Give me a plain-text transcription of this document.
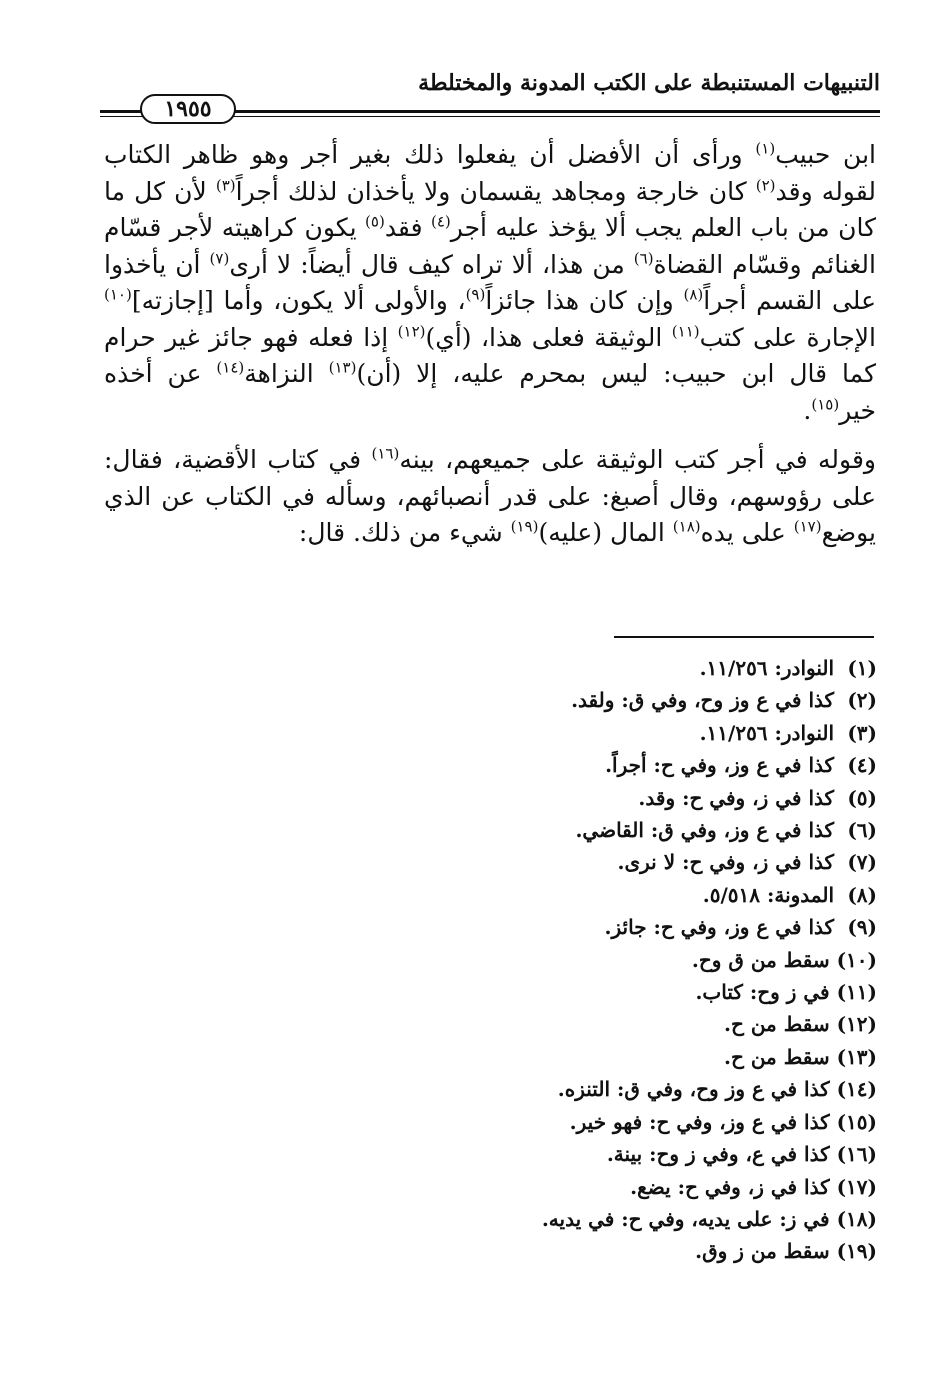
التنبيهات المستنبطة على الكتب المدونة والمختلطة
١٩٥٥

ابن حبيب$^{(١)}$ ورأى أن الأفضل أن يفعلوا ذلك بغير أجر وهو ظاهر الكتاب لقوله وقد$^{(٢)}$ كان خارجة ومجاهد يقسمان ولا يأخذان لذلك أجراً$^{(٣)}$ لأن كل ما كان من باب العلم يجب ألا يؤخذ عليه أجر$^{(٤)}$ فقد$^{(٥)}$ يكون كراهيته لأجر قسّام الغنائم وقسّام القضاة$^{(٦)}$ من هذا، ألا تراه كيف قال أيضاً: لا أرى$^{(٧)}$ أن يأخذوا على القسم أجراً$^{(٨)}$ وإن كان هذا جائزاً$^{(٩)}$، والأولى ألا يكون، وأما [إجازته]$^{(١٠)}$ الإجارة على كتب$^{(١١)}$ الوثيقة فعلى هذا، (أي)$^{(١٢)}$ إذا فعله فهو جائز غير حرام كما قال ابن حبيب: ليس بمحرم عليه، إلا (أن)$^{(١٣)}$ النزاهة$^{(١٤)}$ عن أخذه خير$^{(١٥)}$.

وقوله في أجر كتب الوثيقة على جميعهم، بينه$^{(١٦)}$ في كتاب الأقضية، فقال: على رؤوسهم، وقال أصبغ: على قدر أنصبائهم، وسأله في الكتاب عن الذي يوضع$^{(١٧)}$ على يده$^{(١٨)}$ المال (عليه)$^{(١٩)}$ شيء من ذلك. قال:

(١) النوادر: ١١/٢٥٦.
(٢) كذا في ع وز وح، وفي ق: ولقد.
(٣) النوادر: ١١/٢٥٦.
(٤) كذا في ع وز، وفي ح: أجراً.
(٥) كذا في ز، وفي ح: وقد.
(٦) كذا في ع وز، وفي ق: القاضي.
(٧) كذا في ز، وفي ح: لا نرى.
(٨) المدونة: ٥/٥١٨.
(٩) كذا في ع وز، وفي ح: جائز.
(١٠) سقط من ق وح.
(١١) في ز وح: كتاب.
(١٢) سقط من ح.
(١٣) سقط من ح.
(١٤) كذا في ع وز وح، وفي ق: التنزه.
(١٥) كذا في ع وز، وفي ح: فهو خير.
(١٦) كذا في ع، وفي ز وح: بينة.
(١٧) كذا في ز، وفي ح: يضع.
(١٨) في ز: على يديه، وفي ح: في يديه.
(١٩) سقط من ز وق.
